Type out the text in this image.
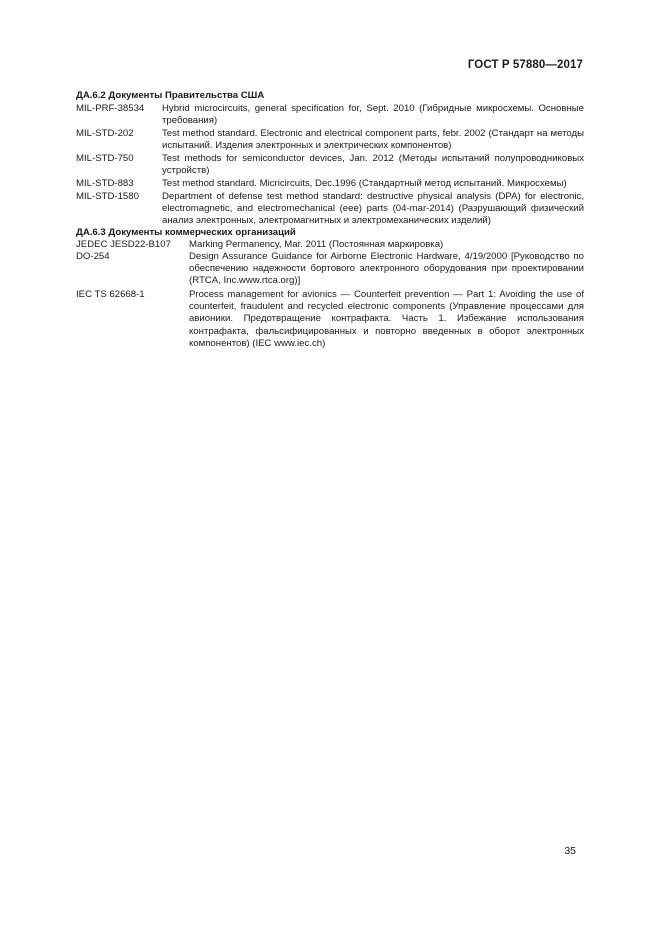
ГОСТ Р 57880—2017
ДА.6.2 Документы Правительства США
MIL-PRF-38534 Hybrid microcircuits, general specification for, Sept. 2010 (Гибридные микросхемы. Основные требования)
MIL-STD-202	Test method standard. Electronic and electrical component parts, febr. 2002 (Стандарт на методы испытаний. Изделия электронных и электрических компонентов)
MIL-STD-750	Test methods for semiconductor devices, Jan. 2012 (Методы испытаний полупроводниковых устройств)
MIL-STD-883	Test method standard. Micricircuits, Dec.1996 (Стандартный метод испытаний. Микросхемы)
MIL-STD-1580 Department of defense test method standard: destructive physical analysis (DPA) for electronic, electromagnetic, and electromechanical (eee) parts (04-mar-2014) (Разрушающий физический анализ электронных, электромагнитных и электромеханических изделий)
ДА.6.3 Документы коммерческих организаций
JEDEC JESD22-B107 Marking Permanency, Mar. 2011 (Постоянная маркировка)
DO-254	Design Assurance Guidance for Airborne Electronic Hardware, 4/19/2000 [Руководство по обеспечению надежности бортового электронного оборудования при проектировании (RTCA, Inc.www.rtca.org)]
IEC TS 62668-1	Process management for avionics — Counterfeit prevention — Part 1: Avoiding the use of counterfeit, fraudulent and recycled electronic components (Управление процессами для авионики. Предотвращение контрафакта. Часть 1. Избежание использования контрафакта, фальсифицированных и повторно введенных в оборот электронных компонентов) (IEC www.iec.ch)
35
